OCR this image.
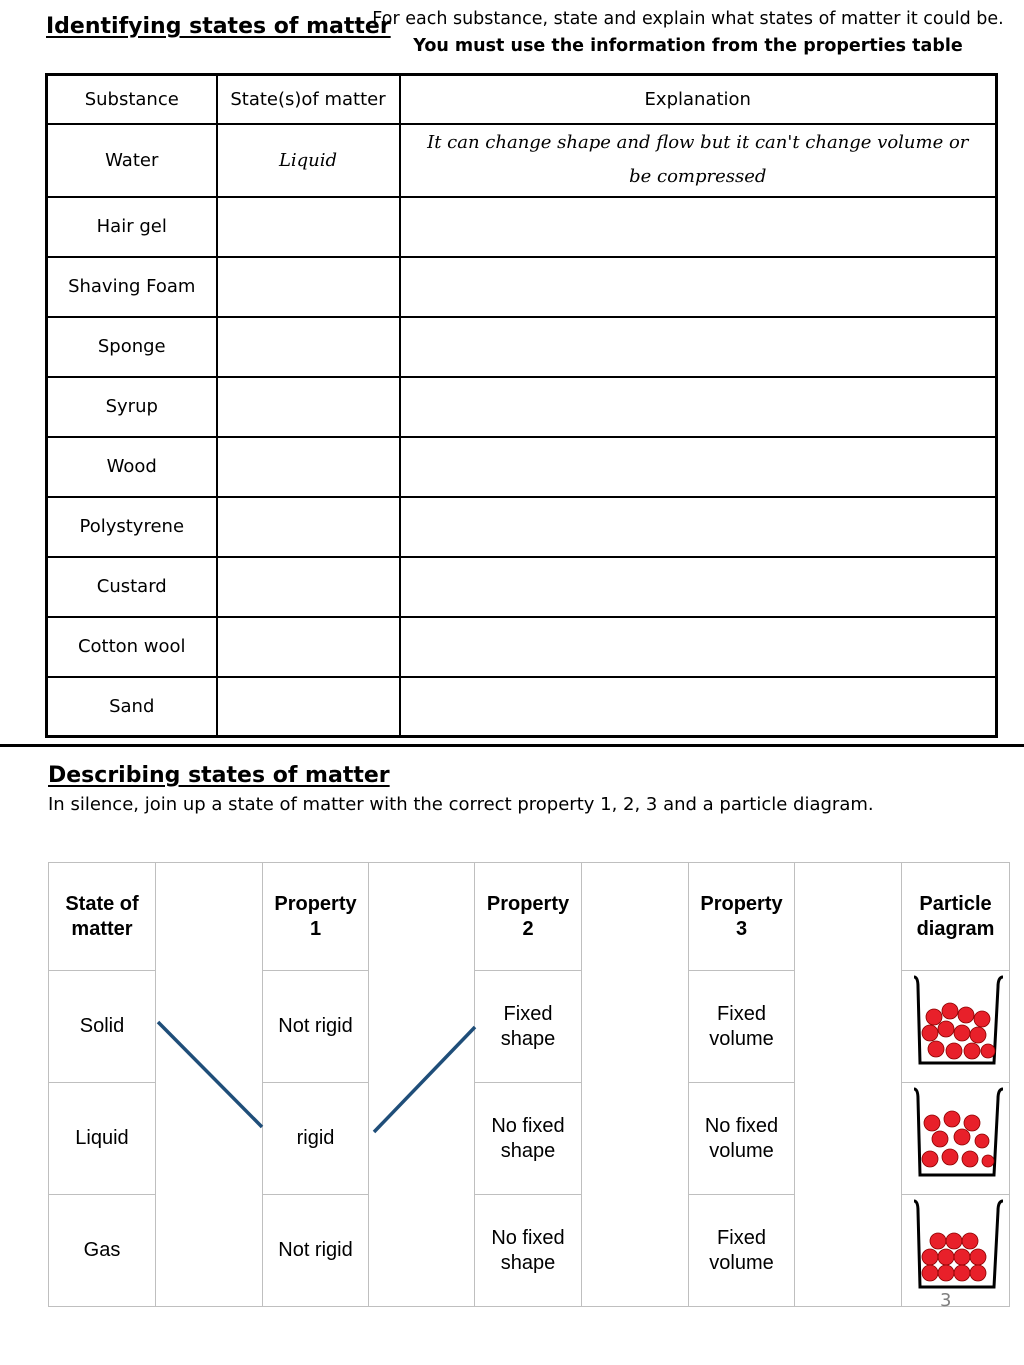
Identifying states of matter
For each substance, state and explain what states of matter it could be.
You must use the information from the properties table
Substance	State(s)of matter	Explanation
Water	Liquid	It can change shape and flow but it can't change volume or
be compressed
Hair gel		
Shaving Foam		
Sponge		
Syrup		
Wood		
Polystyrene		
Custard		
Cotton wool		
Sand		
Describing states of matter
In silence, join up a state of matter with the correct property 1, 2, 3 and a particle diagram.
State of matter		Property 1		Property 2		Property 3		Particle diagram
Solid		Not rigid		Fixed shape		Fixed volume		
Liquid		rigid		No fixed shape		No fixed volume		
Gas		Not rigid		No fixed shape		Fixed volume		
3
